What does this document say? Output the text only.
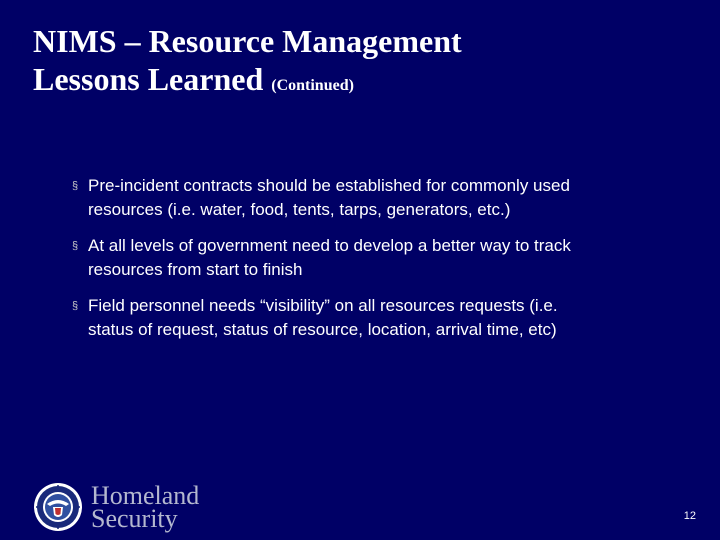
NIMS – Resource Management
Lessons Learned (Continued)
§ Pre-incident contracts should be established for commonly used
resources (i.e. water, food, tents, tarps, generators, etc.)
§ At all levels of government need to develop a better way to track
resources from start to finish
§ Field personnel needs “visibility” on all resources requests (i.e.
status of request, status of resource, location, arrival time, etc)
Homeland
Security	12
